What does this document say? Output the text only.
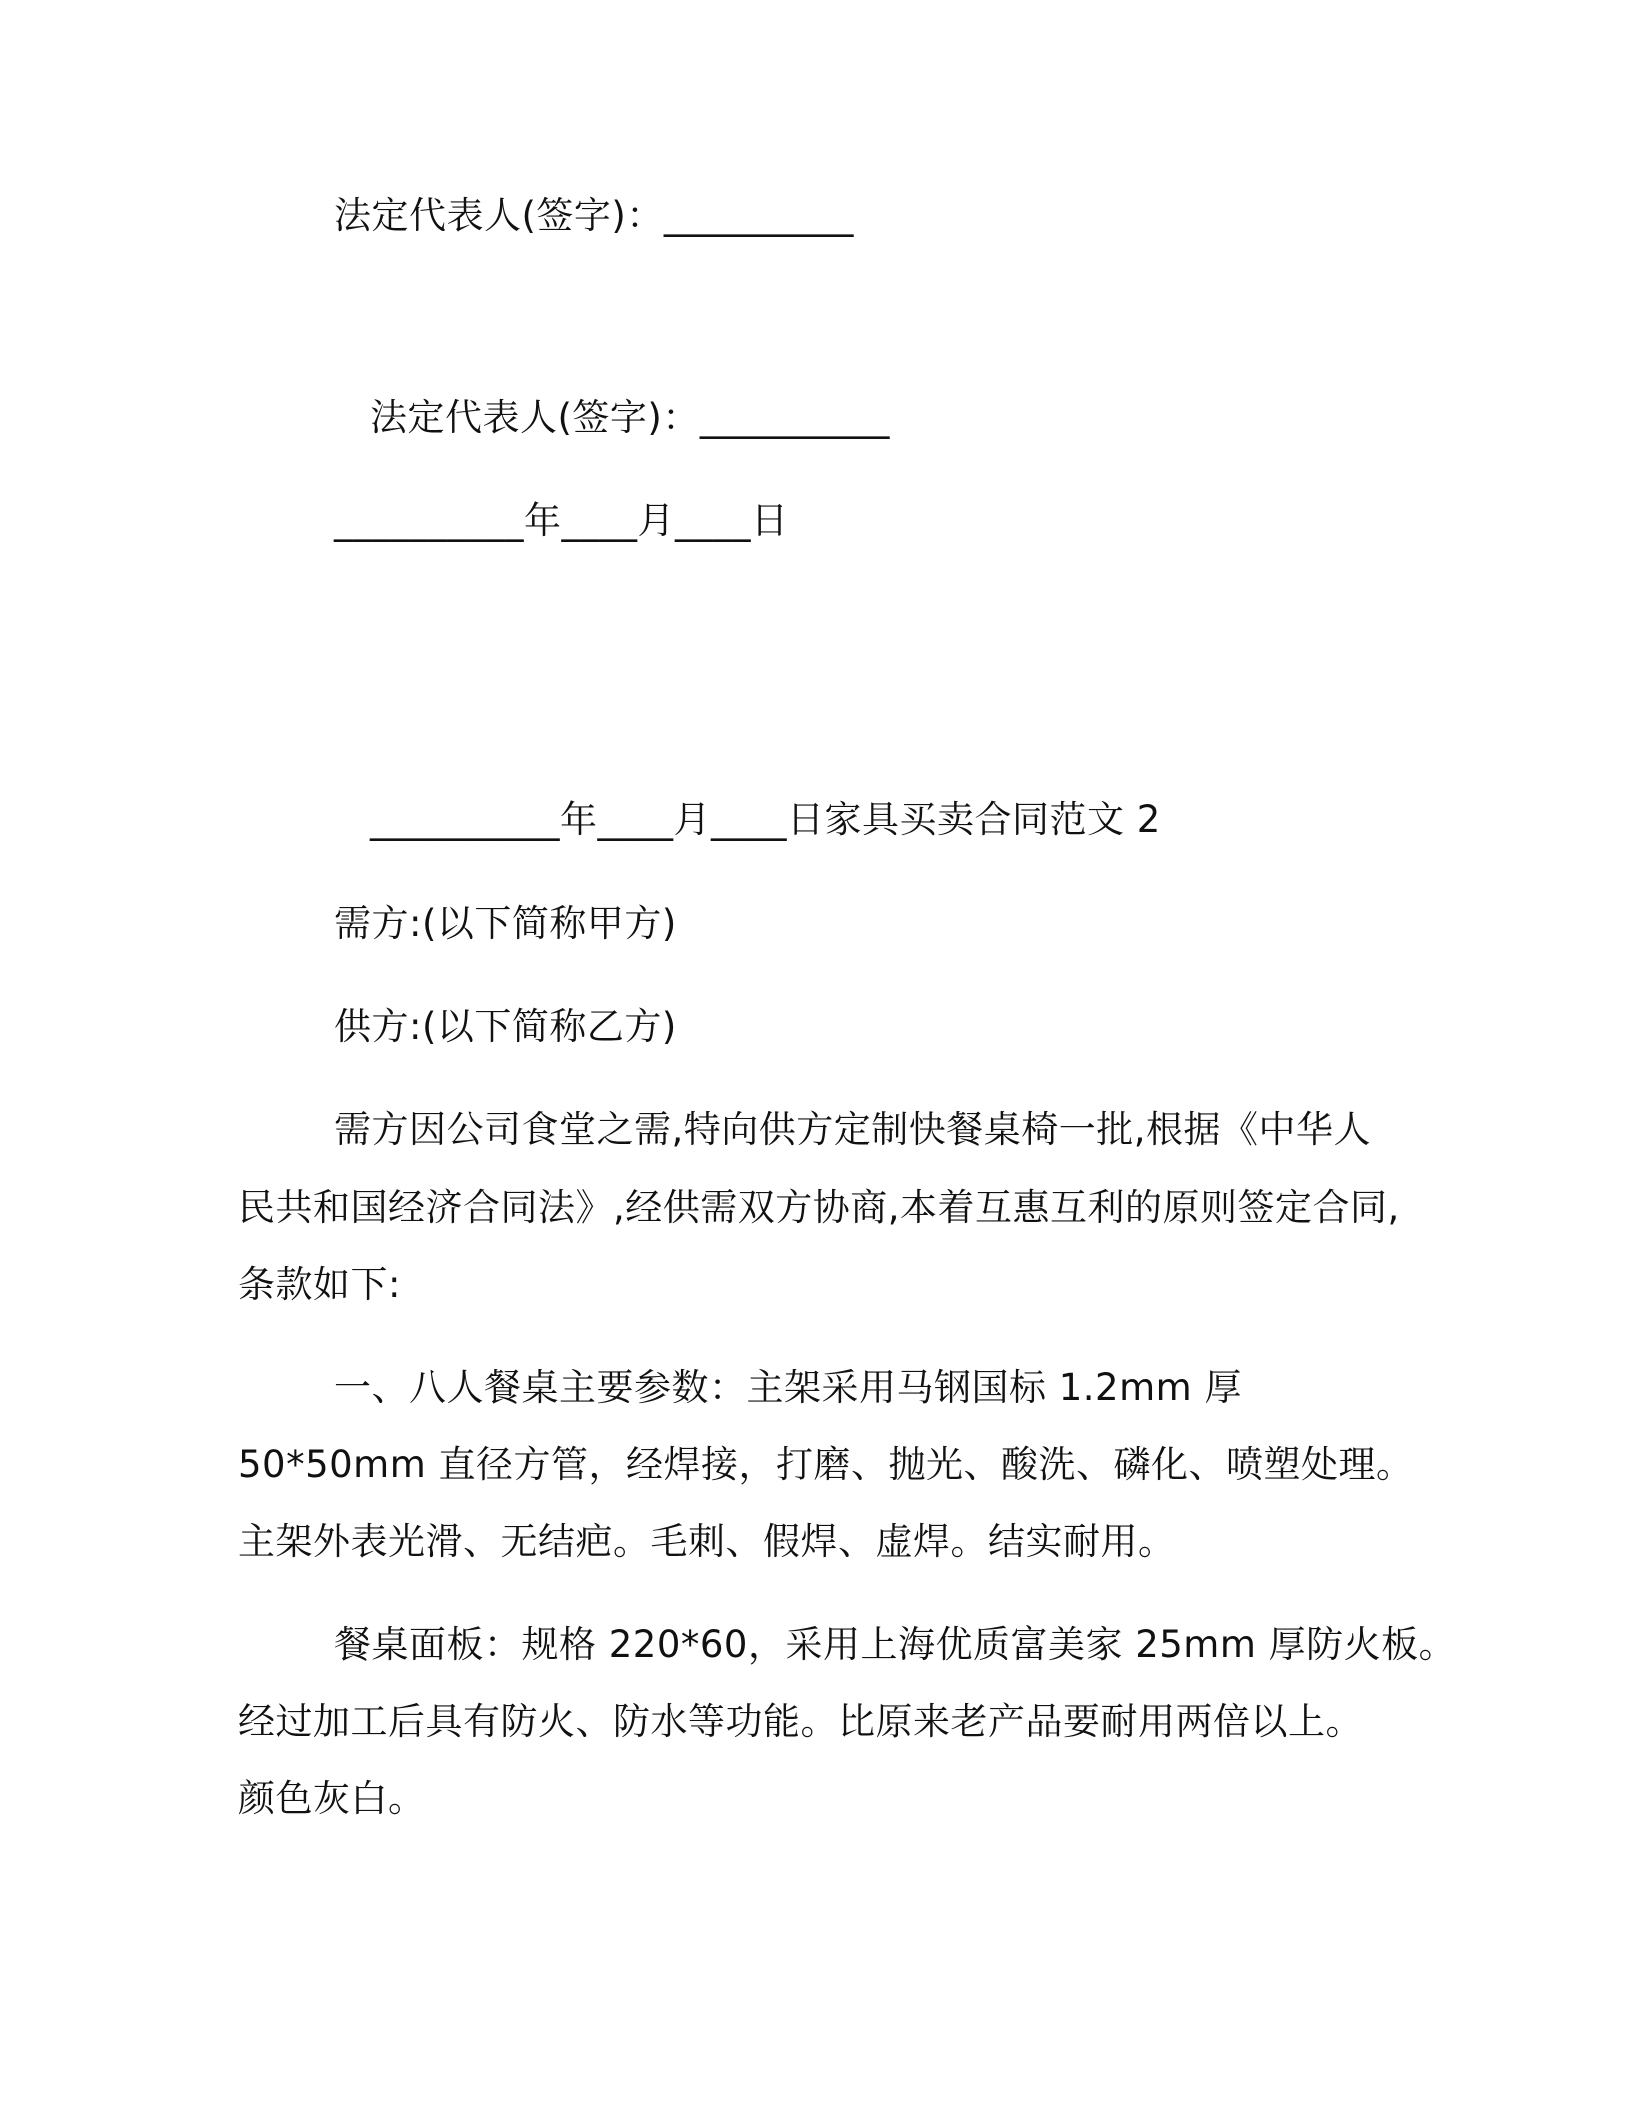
法定代表人(签字)：__________
法定代表人(签字)：__________
__________年____月____日
__________年____月____日家具买卖合同范文 2
需方:(以下简称甲方)
供方:(以下简称乙方)
需方因公司食堂之需,特向供方定制快餐桌椅一批,根据《中华人
民共和国经济合同法》,经供需双方协商,本着互惠互利的原则签定合同,
条款如下:
一、八人餐桌主要参数：主架采用马钢国标 1.2mm 厚
50*50mm 直径方管，经焊接，打磨、抛光、酸洗、磷化、喷塑处理。
主架外表光滑、无结疤。毛刺、假焊、虚焊。结实耐用。
餐桌面板：规格 220*60，采用上海优质富美家 25mm 厚防火板。
经过加工后具有防火、防水等功能。比原来老产品要耐用两倍以上。
颜色灰白。
